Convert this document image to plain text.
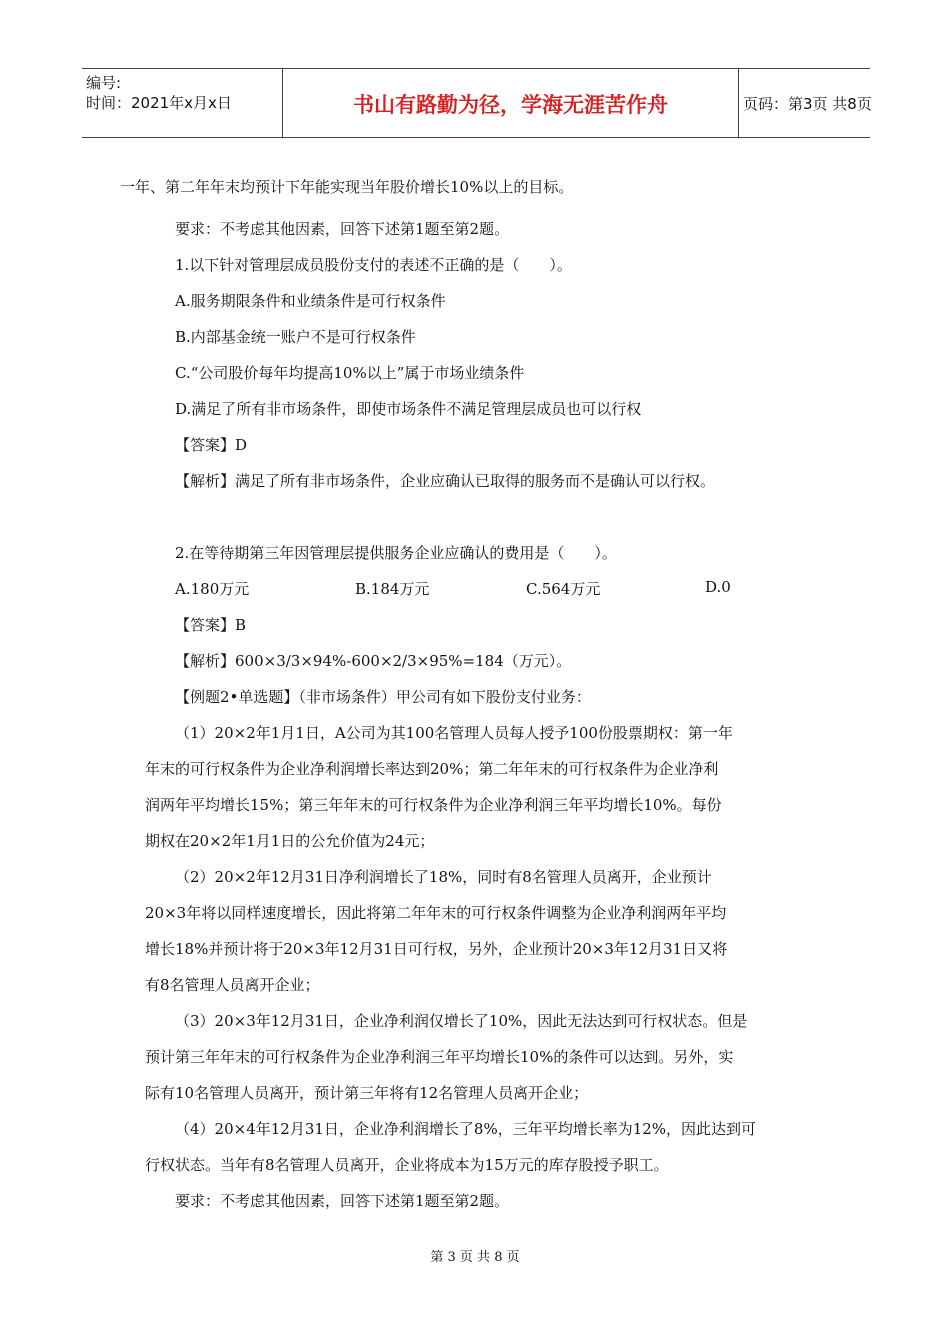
编号:
时间：2021年x月x日	书山有路勤为径，学海无涯苦作舟	页码：第3页 共8页
一年、第二年年末均预计下年能实现当年股价增长10%以上的目标。
要求：不考虑其他因素，回答下述第1题至第2题。
1.以下针对管理层成员股份支付的表述不正确的是（　　）。
A.服务期限条件和业绩条件是可行权条件
B.内部基金统一账户不是可行权条件
C.“公司股价每年均提高10%以上”属于市场业绩条件
D.满足了所有非市场条件，即使市场条件不满足管理层成员也可以行权
【答案】D
【解析】满足了所有非市场条件，企业应确认已取得的服务而不是确认可以行权。
2.在等待期第三年因管理层提供服务企业应确认的费用是（　　）。
A.180万元	B.184万元	C.564万元	D.0
【答案】B
【解析】600×3/3×94%-600×2/3×95%=184（万元）。
【例题2•单选题】（非市场条件）甲公司有如下股份支付业务：
（1）20×2年1月1日，A公司为其100名管理人员每人授予100份股票期权：第一年
年末的可行权条件为企业净利润增长率达到20%；第二年年末的可行权条件为企业净利
润两年平均增长15%；第三年年末的可行权条件为企业净利润三年平均增长10%。每份
期权在20×2年1月1日的公允价值为24元；
（2）20×2年12月31日净利润增长了18%，同时有8名管理人员离开，企业预计
20×3年将以同样速度增长，因此将第二年年末的可行权条件调整为企业净利润两年平均
增长18%并预计将于20×3年12月31日可行权，另外，企业预计20×3年12月31日又将
有8名管理人员离开企业；
（3）20×3年12月31日，企业净利润仅增长了10%，因此无法达到可行权状态。但是
预计第三年年末的可行权条件为企业净利润三年平均增长10%的条件可以达到。另外，实
际有10名管理人员离开，预计第三年将有12名管理人员离开企业；
（4）20×4年12月31日，企业净利润增长了8%，三年平均增长率为12%，因此达到可
行权状态。当年有8名管理人员离开，企业将成本为15万元的库存股授予职工。
要求：不考虑其他因素，回答下述第1题至第2题。
第 3 页 共 8 页
